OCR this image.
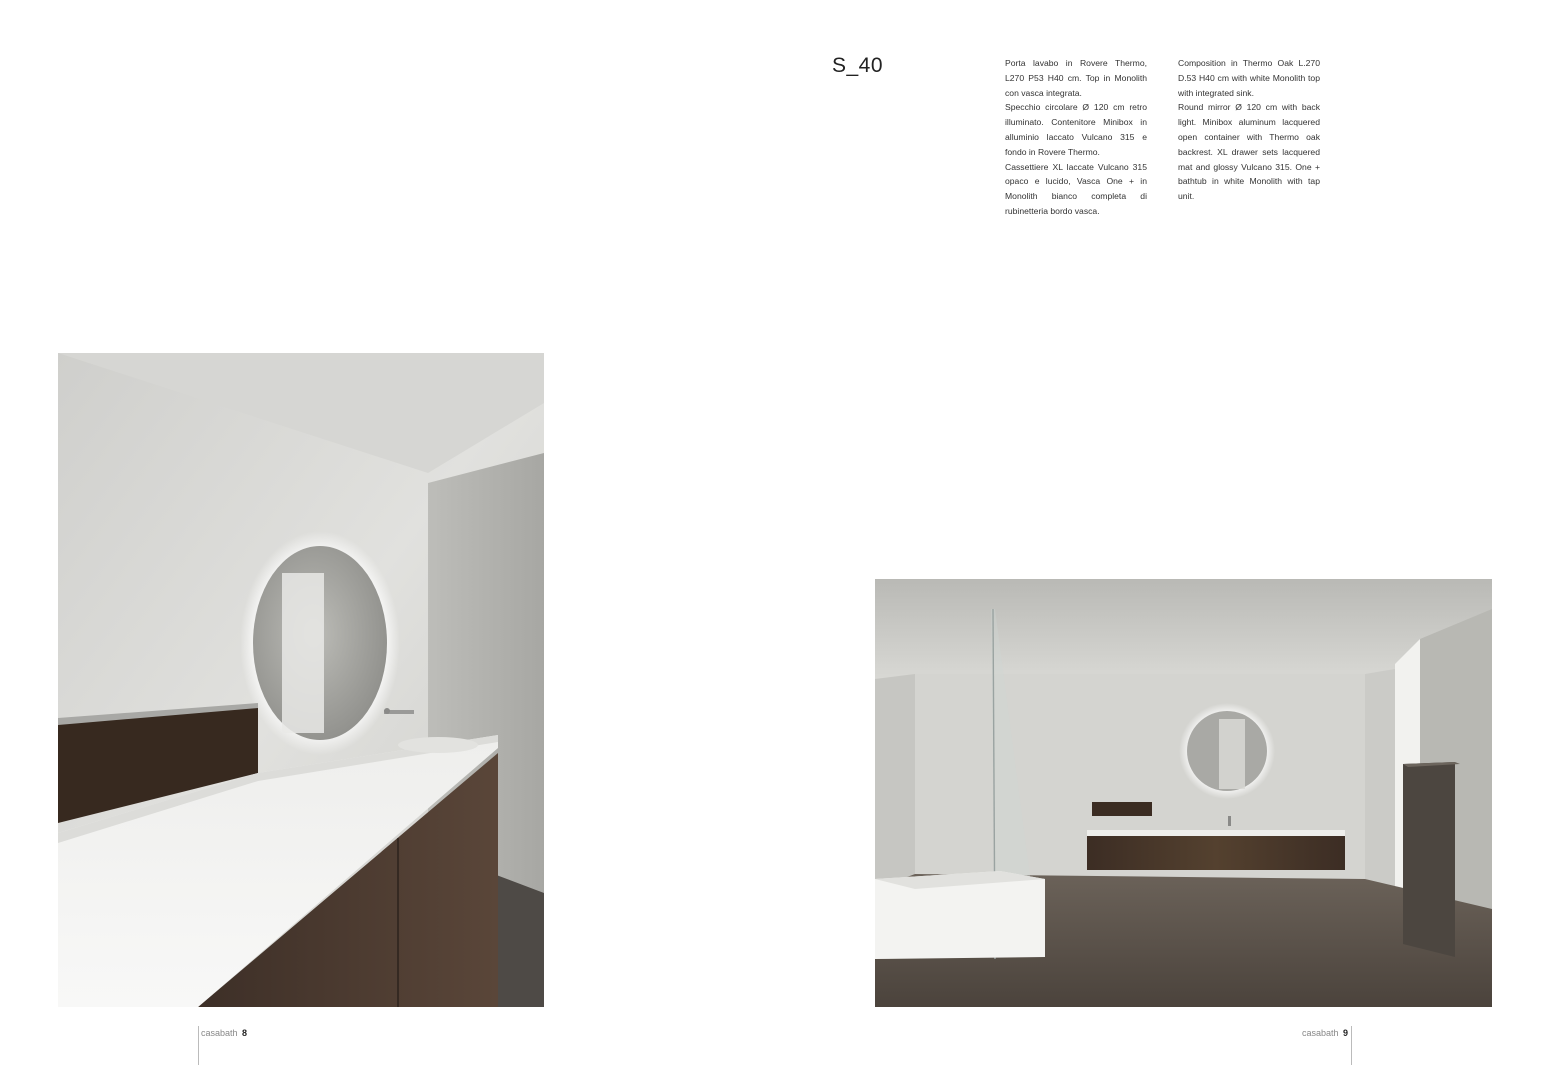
S_40	Porta lavabo in Rovere Thermo, L270 P53 H40 cm. Top in Monolith con vasca integrata.

Specchio circolare Ø 120 cm retro illuminato. Contenitore Minibox in alluminio laccato Vulcano 315 e fondo in Rovere Thermo.

Cassettiere XL laccate Vulcano 315 opaco e lucido, Vasca One + in Monolith bianco completa di rubinetteria bordo vasca.

Composition in Thermo Oak L.270 D.53 H40 cm with white Monolith top with integrated sink.

Round mirror Ø 120 cm with back light. Minibox aluminum lacquered open container with Thermo oak backrest. XL drawer sets lacquered mat and glossy Vulcano 315. One + bathtub in white Monolith with tap unit.

casabath 8	casabath 9
